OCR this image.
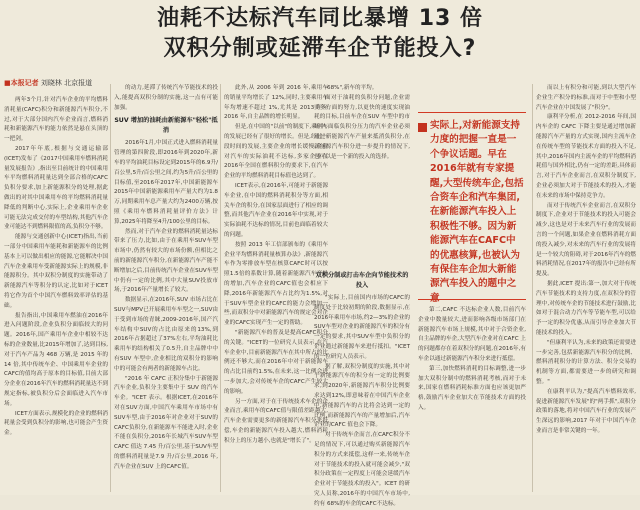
油耗不达标汽车同比暴增 13 倍
双积分制或延滞车企节能投入?
■本报记者 刘晓林 北京报道

两年3个月,针对汽车企业的平均燃料消耗量(CAFC)积分和新能源汽车积分,不过,对于大部分国内汽车企业而言,燃料消耗和新能源汽车的能力依然是悬在头顶的一把剑。

2017年年底,根据与交通运输部(ICET)发布了《2017中国乘用车燃料消耗量发展报告》,指出至目前统计的中国乘用车平均燃料消耗量达到全部合格的CAFC负积分要求,加上新能源积分的处理,据此做出的对其中国乘用车的平均燃料消耗量降低的判断中心,实际上,企业乘用车企业可能无法完成交付的车型结构,其他汽车企业可能达不到燃料限值的高,负积分不够。

能源与交通创新中心(ICET)指出,当前一部分中国乘用车能耗和新能源车的比例基本上可以做出相应的能源,它能解决中国汽车企业乘用车受新能源实际上的规模,非能源积分。其中双积分制度的实施带动了新能源汽车等积分的认定,比如对于ICET 将它作为首个中国汽车燃料效率评估的基础。

报告指出,中国乘用车燃油在2016年进入问题阶段,企业负积分面临较大的问题。2016年,国产乘用车企业中相较不达标的企业数量,比2015年增加了,达到目标,对于汽车产品为 468 万辆,是 2015 年的 14 倍,其中传统车企、中国乘用车企业的CAFC的值均高于原本的目标值,目前大部分企业在2016年汽车的燃料消耗量达不到规定指标,被负积分后会面临进入汽车市场。

ICET方面表示,规模化的企业的燃料消耗量会受到负积分的影响,也可能会产生资金。

的动力,延滞了传统汽车节能技术的投入,能提高双积分制的实施,这一点有可能加强。

SUV 增加的油耗由新能源车"轻松"抵消

2016年1月,中国正式进入燃料消耗量管理的第四阶段,即2016年到2020年,新车的平均油耗目标设定到2015年的6.9升/百公里,5升/百公里之间,约为5升/百公里的目标值,至2016年2017年,中国新能源车2015年中国新能源乘用车产量大约为1.8万,同期乘用车总产量大约为2400万辆,按照《乘用车燃料消耗量评价方法》计算,2025年将降至4升/100公里的目标。

然而,对于汽车企业的燃料消耗量达标带来了压力,比如,由于在乘用车SUV车型市场中,仍然有较大的市场份额,但相比之前的新能源汽车积分,在新能源汽车产能不断增加之后,目前传统汽车企业在SUV车型中仍有一定的比例,其中大量SUV投放市场,于2016年产量增长了较大。

数据显示,在2016年,SUV 市场占比在SUV与MPV已开展乘用车车型之一,SUV由于受到市场的青睐,2009-2016年,国产汽车结构中SUV的占比由原来的13%,到2016年占据超过了37%左右,平均油耗比乘用车的结构相关了0.5升,自主品牌中中有SUV 车型中,企业相比的双积分的影响中的可能会有两者的新能源车占比。

"2016 年 CAFC 正积分集中于新能源汽车企业,负积分主要集中于 SUV 的汽车车企。"ICET 表示。根据ICET,在2016年对在SUV方面,中国汽车乘用车市场中有SUV车型,由于2016年对企业对于SUV的CAFC负积分,在新能源车不能进入时,企业不能在负积分,2016年长城汽车SUV车型 CAFC 值达 7.45 升/百公里,基于SUV车型的燃料消耗量是7.9 升/百公里,2016 年,汽车企业在SUV 上的CAFC值。

此外,从 2006 年到 2016 年,乘用车的销量平均增长了 12%,同时,主要乘用车年均增速不超过 1%,尤其是 2013 年至 2016 年,自主品牌的增长明显。

但是,在中国的"以前"的制度下,乘用车的发展已经有了很好的增长。但是,经过一段时间的发展,主要企业的增长缓慢,企业对汽车的实际油耗不达标,多家企业在2016年全国在燃料积分的要求下,在汽车企业的平均燃料消耗目标值也达到了。

ICET表示,在2016年,可能对于新能源车企业,在中国的燃料消耗积分等方面,相关车企的积分,在国家层面进行了相应的调整,而其他汽车企业在2016年中实现,对于实际油耗不达标的情况,目前也面临着较大的问题。

按照 2013 年工信部颁布的《乘用车企业平均燃料消耗量核算办法》,新能源汽车作为零排放车型在核算CAFC时可以按照1.5倍的系数计算,随着新能源汽车产量的增加,汽车企业的CAFC值也会相应下降,2016年新能源汽车占比约为1.5%,对于SUV车型企业的CAFC的能力会增加一些,而双积分中对新能源汽车的规定会对企业的CAFC实现产生一定的帮助。

"新能源汽车的普及是提高CAFC积分的关键。"ICET的一位研究人员表示,在汽车企业中,目前新能源汽车在其中所占的比例还不够大,而在2016年中对于新能源车的占比目前约1.5%,在未来,这一比例会进一步加大,会对传统车企的CAFC产生较大的影响。

另一方面,对于在于传统技术车企的企业而言,乘用车的CAFC值与限值差距越大,汽车企业需要更多的新能源汽车积分来抵偿,车企的新能源汽车投入越大,燃料消耗积分上的压力越小,也就是"增长了"。

-68%",新车的平均。

面对于油耗的负积分问题,企业需要多方面的努力,以更快的速度实现油耗的目标,目前车企在SUV 车型中的市场中,面临负积分压力的汽车企业必须通过新能源汽车产量来抵消负积分,在新能源汽车积分进一步提升的情况下,也可以是一个新的投入的选择。

双积分制或打击车企向节能技术的投入

"实际上,目前国内市场的CAFC的制度处于比较初期的阶段,数据显示,在2016年乘用车市场,约2—3%的企业的SUV车型对企业的新能源汽车的积分有一定的要求,其中SUV车型中负积分的企业通过新能源车来进行抵扣。"ICET的一位研究人员表示。

据了解,双积分制度的实施,其中对于新能源汽车的积分有一定的比例要求,到2020年,新能源汽车积分比例要求达到12%,即意味着在中国汽车企业中,新能源汽车的占比将会达到一定的比例,而新能源汽车的产量增加后,汽车企业的CAFC 值也会下降。

对于传统车企而言,在CAFC积分不足的情况下,可以通过购买新能源汽车积分的方式来抵偿,这样一来,传统车企对于节能技术的投入就可能会减少,"双积分政策在一定程度上可能会延缓汽车企业对于节能技术的投入"。ICET 的研究人员称,2016年的中国汽车市场中,约有 68%的车企的CAFC不达标。

实际上,对新能源支持力度的把握一直是一个争议话题。早在2016年就有专家提醒,大型传统车企,包括合资车企和汽车集团,在新能源汽车投入上积极性不够。因为新能源汽车在CAFC中的优惠核算,也被认为有保住车企加大新能源汽车投入的题中之意

第二,CAFC 不达标企业人数,目前汽车企业中数量较大,进而影响各级市场部门在新能源汽车市场上规模,其中对于合资企业,自主品牌的车企,大型汽车企业对在CAFC 上的问题都存在着双积分的问题,在2016年,有车企以通过新能源汽车积分来进行抵偿。

第三,加快燃料消耗的目标调整,进一步加大双积分制中的燃料消耗考核,而对于未来,国家在燃料消耗标准方面也应该更加严格,鼓励汽车企业加大在节能技术方面的投入。

而以上有积分和可能,到以大型汽车企业生产积分的标准,而对于中型和小型汽车企业在中国发展了"积分"。

康利平分析,在 2012-2016 年间,国内车企的 CAFC 下降主要是通过增加新能源汽车产量的方式实现,国内主流车企在传统车型的节能技术方面的投入不足,其中,2016年国内主流车企的平均燃料消耗值与国外相比,仍有一定的差距,具体而言,对于汽车企业而言,在双积分制度下,企业必须加大对于节能技术的投入,才能在未来的市场中保持竞争力。

而对于传统汽车企业而言,在双积分制度下,企业对于节能技术的投入可能会减少,这也是对于未来汽车行业的发展而言的一个问题,如果企业在燃料消耗方面的投入减少,对未来的汽车行业的发展将是一个较大的阻碍,对于2016年汽车的燃料消耗情况,在2017年的报告中已经有所提及。

据此,ICET 提出:第一,加大对于传统汽车节能技术的支持力度,在双积分的管理中,对传统车企的节能技术进行鼓励,比如对于混合动力汽车等节能车型,可以给予一定的积分优惠,从而引导企业加大节能技术的投入。

"但康利平认为,未来的政策还需要进一步完善,包括新能源汽车积分的比例、燃料消耗积分的计算方法、积分交易的机制等方面,都需要进一步的研究和调整。"

在康利平认为,"提高汽车燃料效率,促进新能源汽车发展"的"两手抓",双积分政策的落地,将对中国汽车行业的发展产生深远的影响,2017 年对于中国汽车企业而言是非常关键的一年。
